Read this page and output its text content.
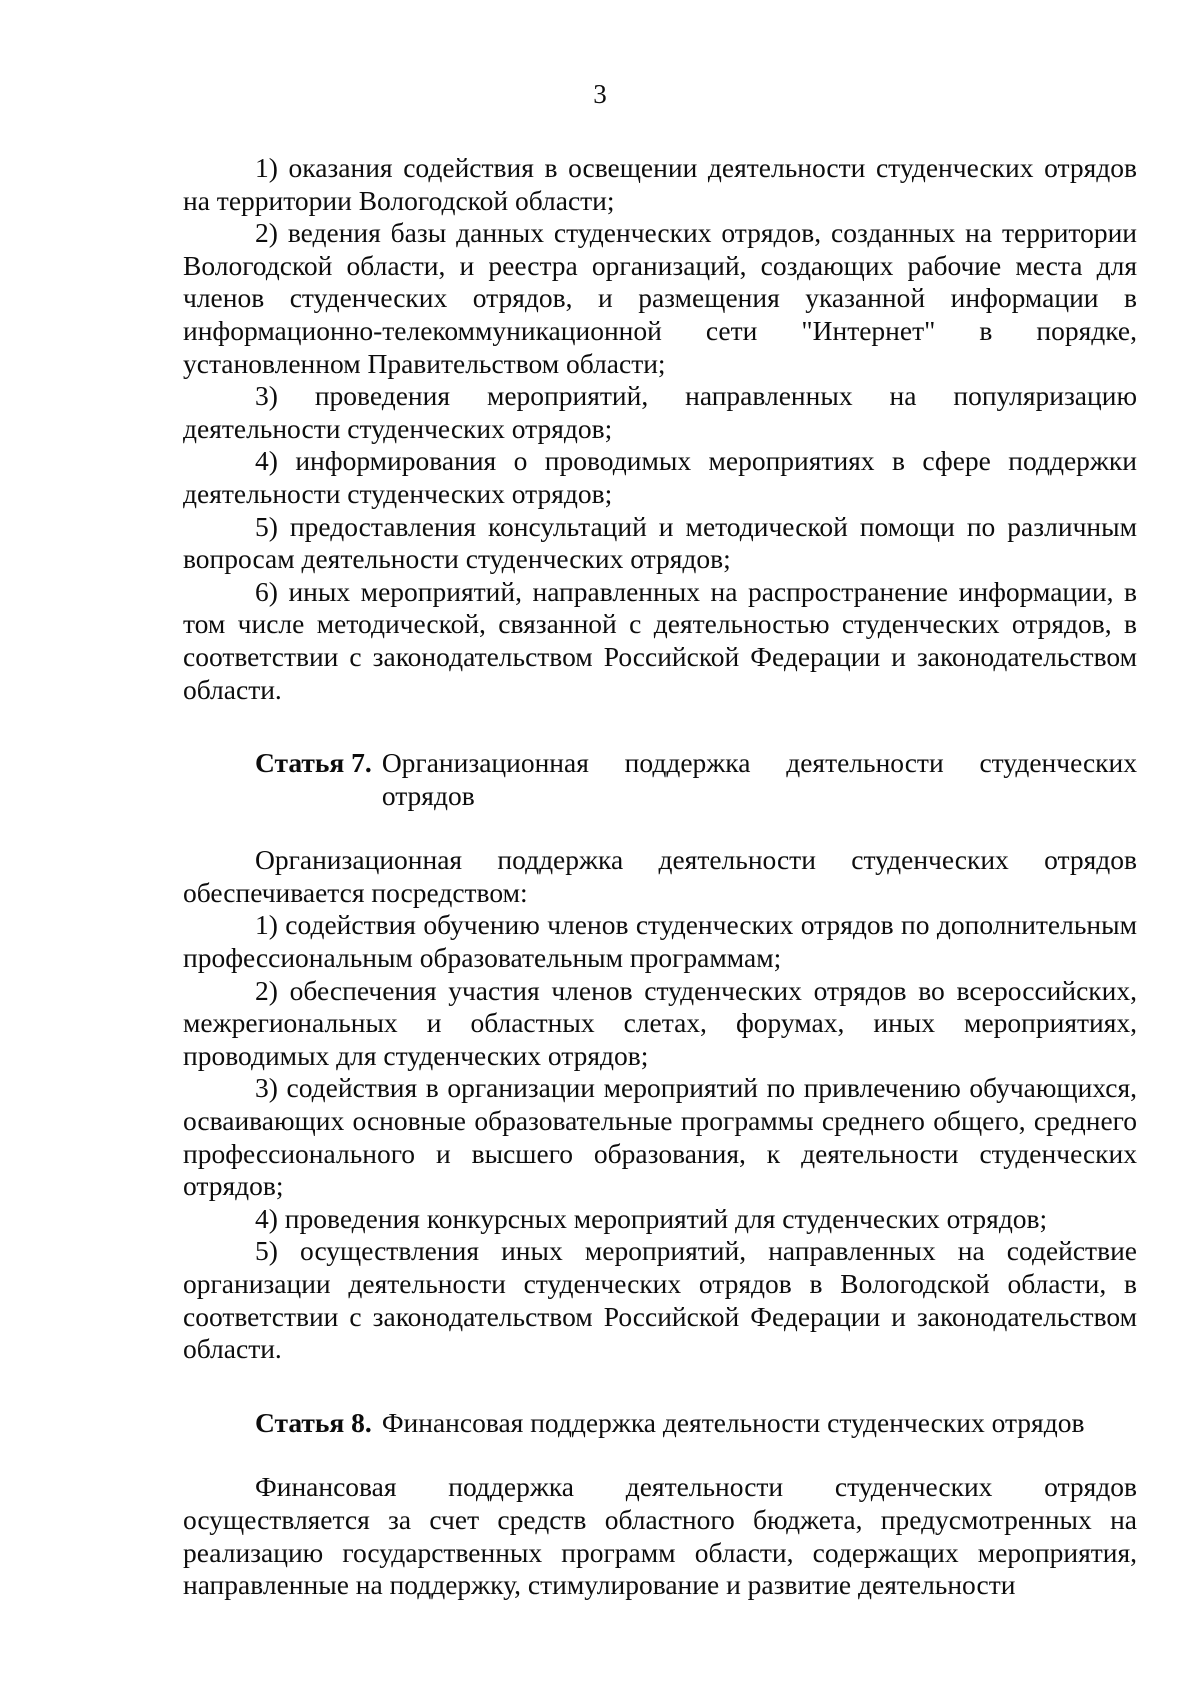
3

1) оказания содействия в освещении деятельности студенческих отрядов на территории Вологодской области;

2) ведения базы данных студенческих отрядов, созданных на территории Вологодской области, и реестра организаций, создающих рабочие места для членов студенческих отрядов, и размещения указанной информации в информационно-телекоммуникационной сети "Интернет" в порядке, установленном Правительством области;

3) проведения мероприятий, направленных на популяризацию деятельности студенческих отрядов;

4) информирования о проводимых мероприятиях в сфере поддержки деятельности студенческих отрядов;

5) предоставления консультаций и методической помощи по различным вопросам деятельности студенческих отрядов;

6) иных мероприятий, направленных на распространение информации, в том числе методической, связанной с деятельностью студенческих отрядов, в соответствии с законодательством Российской Федерации и законодательством области.

Статья 7. Организационная поддержка деятельности студенческих отрядов

Организационная поддержка деятельности студенческих отрядов обеспечивается посредством:

1) содействия обучению членов студенческих отрядов по дополнительным профессиональным образовательным программам;

2) обеспечения участия членов студенческих отрядов во всероссийских, межрегиональных и областных слетах, форумах, иных мероприятиях, проводимых для студенческих отрядов;

3) содействия в организации мероприятий по привлечению обучающихся, осваивающих основные образовательные программы среднего общего, среднего профессионального и высшего образования, к деятельности студенческих отрядов;

4) проведения конкурсных мероприятий для студенческих отрядов;

5) осуществления иных мероприятий, направленных на содействие организации деятельности студенческих отрядов в Вологодской области, в соответствии с законодательством Российской Федерации и законодательством области.

Статья 8. Финансовая поддержка деятельности студенческих отрядов

Финансовая поддержка деятельности студенческих отрядов осуществляется за счет средств областного бюджета, предусмотренных на реализацию государственных программ области, содержащих мероприятия, направленные на поддержку, стимулирование и развитие деятельности
